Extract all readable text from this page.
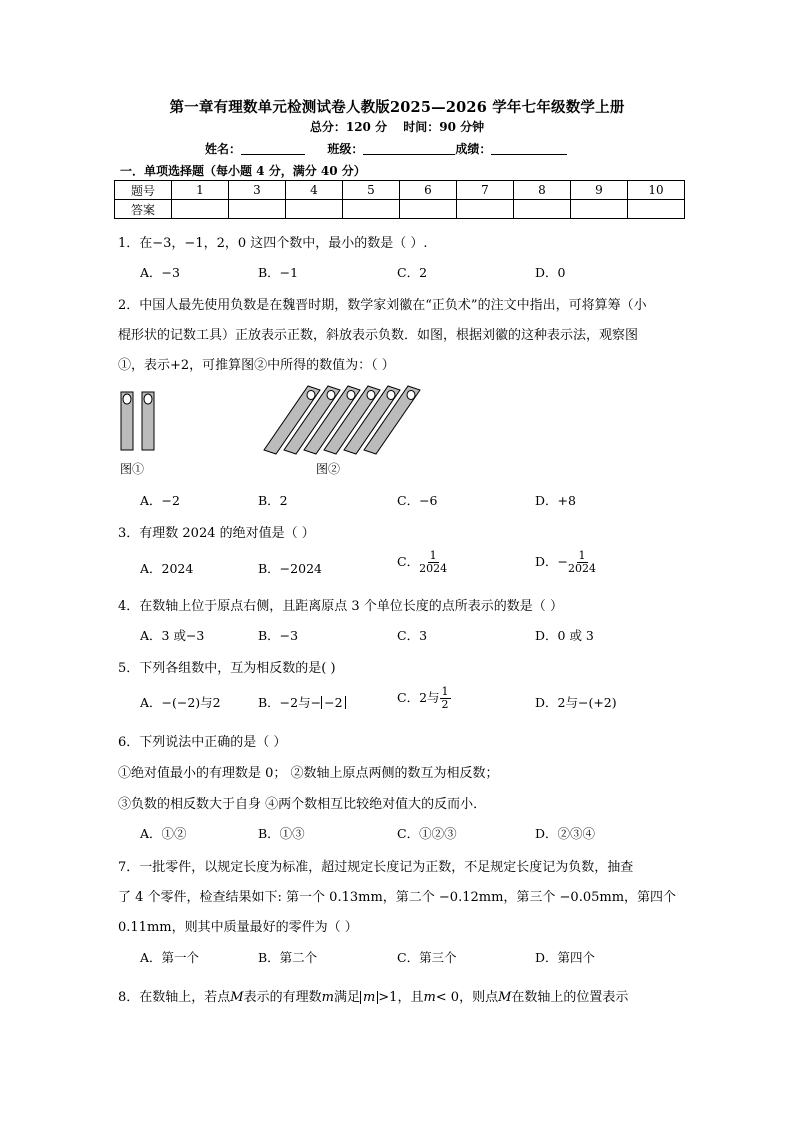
第一章有理数单元检测试卷人教版2025—2026 学年七年级数学上册
总分：120 分 时间：90 分钟
姓名：	班级：	成绩：
一．单项选择题（每小题 4 分，满分 40 分）
题号	1	3	4	5	6	7	8	9	10
答案									
1．在−3，−1，2，0 这四个数中，最小的数是（ ）.
A．−3	B．−1	C．2	D．0
2．中国人最先使用负数是在魏晋时期，数学家刘徽在“正负术”的注文中指出，可将算筹（小
棍形状的记数工具）正放表示正数，斜放表示负数．如图，根据刘徽的这种表示法，观察图
①，表示+2，可推算图②中所得的数值为：（ ）
图①	图②
A．−2	B．2	C．−6	D．+8
3．有理数 2024 的绝对值是（ ）
A．2024	B．−2024	C． $\frac{1}{2024}$	D．− $\frac{1}{2024}$
4．在数轴上位于原点右侧，且距离原点 3 个单位长度的点所表示的数是（ ）
A．3 或−3	B．−3	C．3	D．0 或 3
5．下列各组数中，互为相反数的是( )
A．−(−2)与2	B．−2与− −2	C．2与 $\frac{1}{2}$	D．2与−(+2)
6．下列说法中正确的是（ ）
①绝对值最小的有理数是 0； ②数轴上原点两侧的数互为相反数；
③负数的相反数大于自身 ④两个数相互比较绝对值大的反而小．
A．①②	B．①③	C．①②③	D．②③④
7．一批零件，以规定长度为标准，超过规定长度记为正数，不足规定长度记为负数，抽查
了 4 个零件，检查结果如下: 第一个 0.13mm，第二个 −0.12mm，第三个 −0.05mm，第四个
0.11mm，则其中质量最好的零件为（ ）
A．第一个	B．第二个	C．第三个	D．第四个
8．在数轴上，若点M表示的有理数m满足 m >1，且m< 0，则点M在数轴上的位置表示
